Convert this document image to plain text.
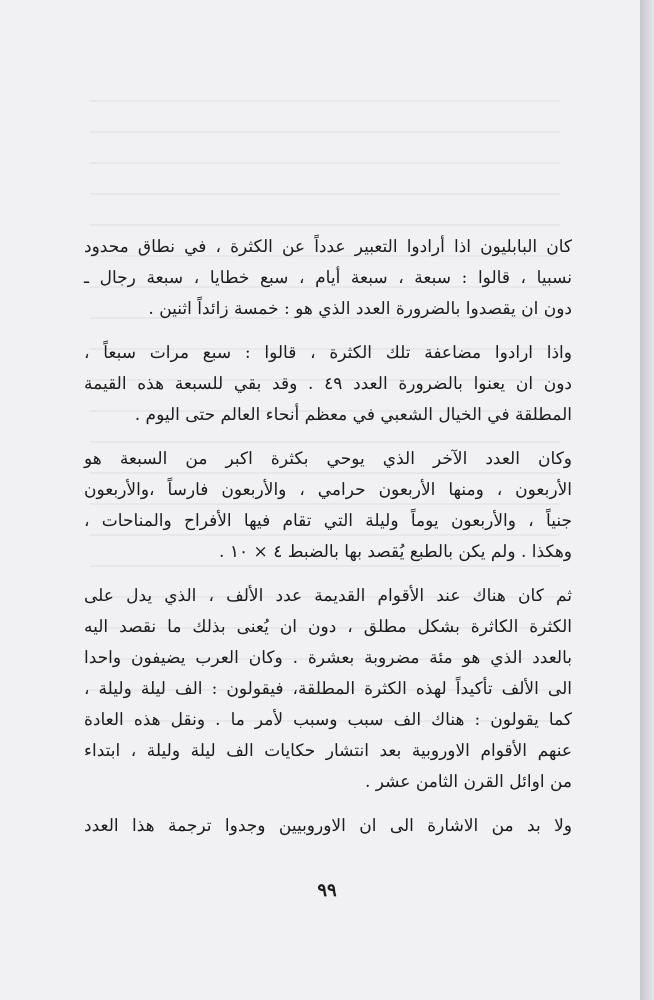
كان البابليون اذا أرادوا التعبير عدداً عن الكثرة ، في نطاق محدود
نسبيا ، قالوا : سبعة ، سبعة أيام ، سبع خطايا ، سبعة رجال ـ
دون ان يقصدوا بالضرورة العدد الذي هو : خمسة زائداً اثنين .

واذا ارادوا مضاعفة تلك الكثرة ، قالوا : سبع مرات سبعاً ،
دون ان يعنوا بالضرورة العدد ٤٩ . وقد بقي للسبعة هذه القيمة
المطلقة في الخيال الشعبي في معظم أنحاء العالم حتى اليوم .

وكان العدد الآخر الذي يوحي بكثرة اكبر من السبعة هو
الأربعون ، ومنها الأربعون حرامي ، والأربعون فارساً ،والأربعون
جنياً ، والأربعون يوماً وليلة التي تقام فيها الأفراح والمناحات ،
وهكذا . ولم يكن بالطبع يُقصد بها بالضبط ٤ × ١٠ .

ثم كان هناك عند الأقوام القديمة عدد الألف ، الذي يدل على
الكثرة الكاثرة بشكل مطلق ، دون ان يُعنى بذلك ما نقصد اليه
بالعدد الذي هو مئة مضروبة بعشرة . وكان العرب يضيفون واحدا
الى الألف تأكيداً لهذه الكثرة المطلقة، فيقولون : الف ليلة وليلة ،
كما يقولون : هناك الف سبب وسبب لأمر ما . ونقل هذه العادة
عنهم الأقوام الاوروبية بعد انتشار حكايات الف ليلة وليلة ، ابتداء
من اوائل القرن الثامن عشر .

ولا بد من الاشارة الى ان الاوروبيين وجدوا ترجمة هذا العدد

٩٩
